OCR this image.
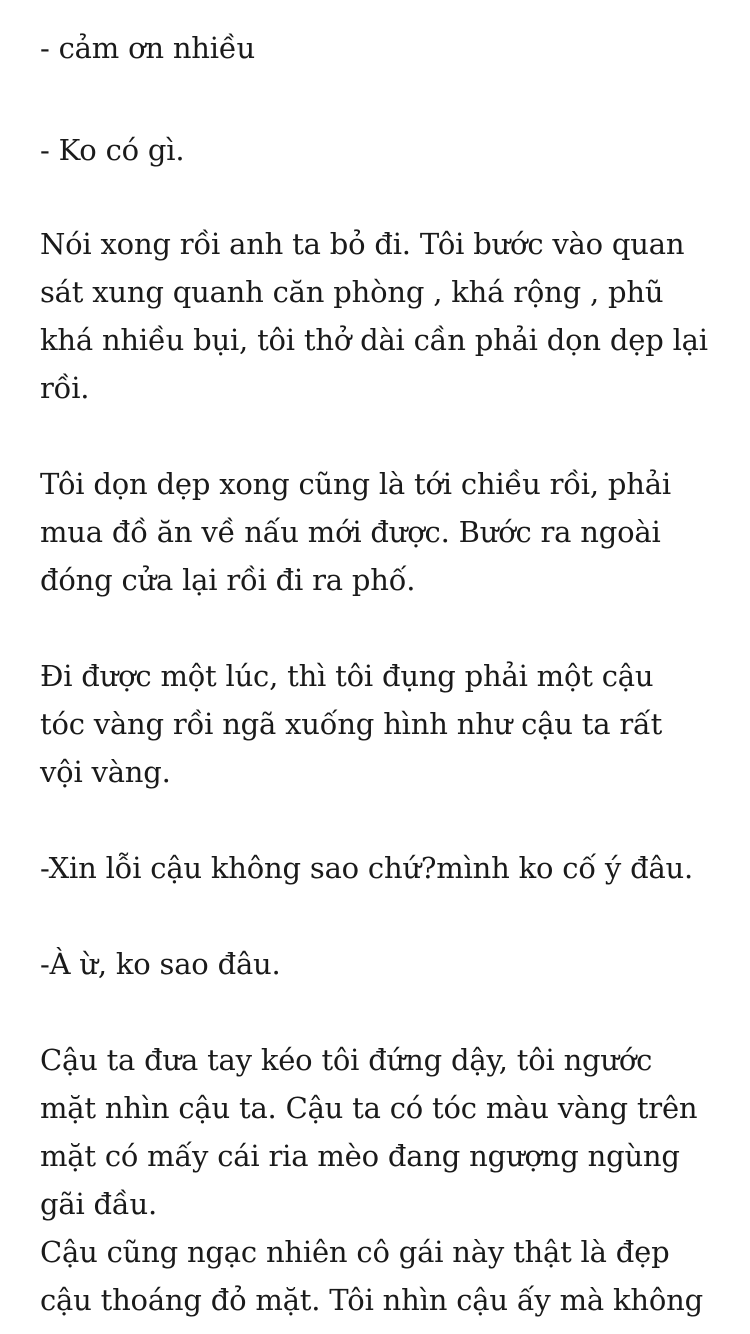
- cảm ơn nhiều

- Ko có gì.

Nói xong rồi anh ta bỏ đi. Tôi bước vào quan

sát xung quanh căn phòng , khá rộng , phũ

khá nhiều bụi, tôi thở dài cần phải dọn dẹp lại

rồi.

Tôi dọn dẹp xong cũng là tới chiều rồi, phải

mua đồ ăn về nấu mới được. Bước ra ngoài

đóng cửa lại rồi đi ra phố.

Đi được một lúc, thì tôi đụng phải một cậu

tóc vàng rồi ngã xuống hình như cậu ta rất

vội vàng.

-Xin lỗi cậu không sao chứ?mình ko cố ý đâu.

-À ừ, ko sao đâu.

Cậu ta đưa tay kéo tôi đứng dậy, tôi ngước

mặt nhìn cậu ta. Cậu ta có tóc màu vàng trên

mặt có mấy cái ria mèo đang ngượng ngùng

gãi đầu.

Cậu cũng ngạc nhiên cô gái này thật là đẹp

cậu thoáng đỏ mặt. Tôi nhìn cậu ấy mà không
